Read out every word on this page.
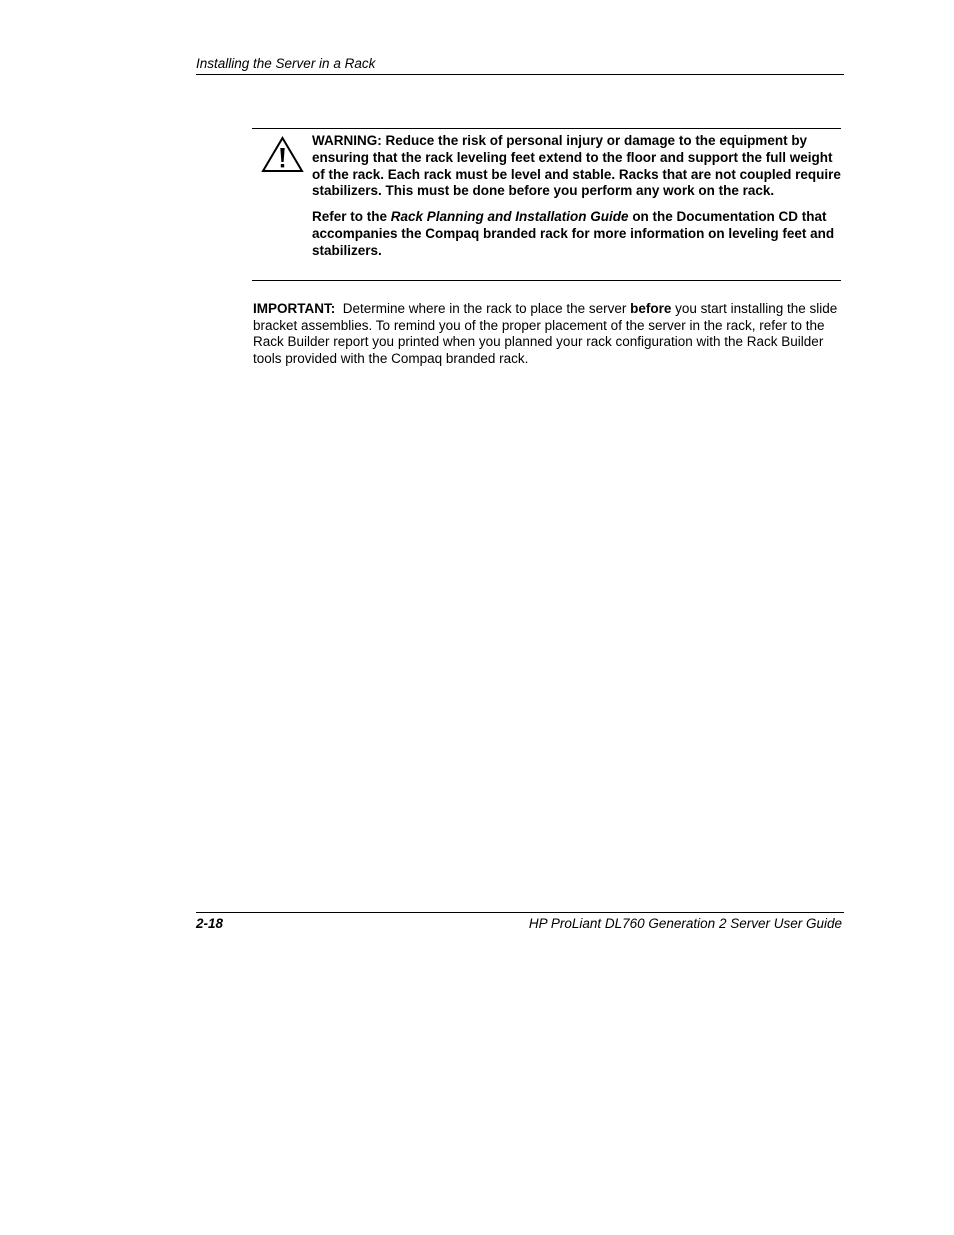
Installing the Server in a Rack

WARNING: Reduce the risk of personal injury or damage to the equipment by ensuring that the rack leveling feet extend to the floor and support the full weight of the rack. Each rack must be level and stable. Racks that are not coupled require stabilizers. This must be done before you perform any work on the rack.

Refer to the Rack Planning and Installation Guide on the Documentation CD that accompanies the Compaq branded rack for more information on leveling feet and stabilizers.

IMPORTANT:  Determine where in the rack to place the server before you start installing the slide bracket assemblies. To remind you of the proper placement of the server in the rack, refer to the Rack Builder report you printed when you planned your rack configuration with the Rack Builder tools provided with the Compaq branded rack.

2-18	HP ProLiant DL760 Generation 2 Server User Guide
